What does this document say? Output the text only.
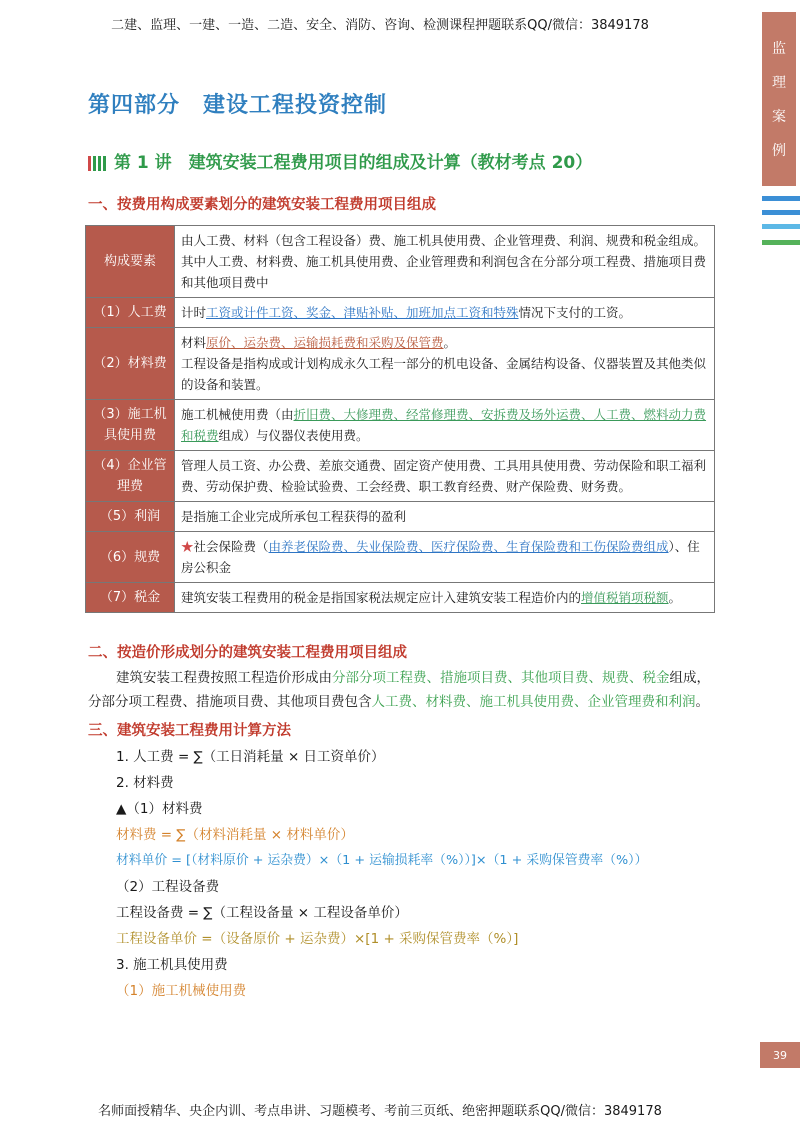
二建、监理、一建、一造、二造、安全、消防、咨询、检测课程押题联系QQ/微信：3849178
监
理
案
例
第四部分　建设工程投资控制
第 1 讲　建筑安装工程费用项目的组成及计算（教材考点 20）
一、按费用构成要素划分的建筑安装工程费用项目组成
构成要素	由人工费、材料（包含工程设备）费、施工机具使用费、企业管理费、利润、规费和税金组成。其中人工费、材料费、施工机具使用费、企业管理费和利润包含在分部分项工程费、措施项目费和其他项目费中
（1）人工费	计时工资或计件工资、奖金、津贴补贴、加班加点工资和特殊情况下支付的工资。
（2）材料费	材料原价、运杂费、运输损耗费和采购及保管费。
工程设备是指构成或计划构成永久工程一部分的机电设备、金属结构设备、仪器装置及其他类似的设备和装置。
（3）施工机具使用费	施工机械使用费（由折旧费、大修理费、经常修理费、安拆费及场外运费、人工费、燃料动力费和税费组成）与仪器仪表使用费。
（4）企业管理费	管理人员工资、办公费、差旅交通费、固定资产使用费、工具用具使用费、劳动保险和职工福利费、劳动保护费、检验试验费、工会经费、职工教育经费、财产保险费、财务费。
（5）利润	是指施工企业完成所承包工程获得的盈利
（6）规费	★社会保险费（由养老保险费、失业保险费、医疗保险费、生育保险费和工伤保险费组成）、住房公积金
（7）税金	建筑安装工程费用的税金是指国家税法规定应计入建筑安装工程造价内的增值税销项税额。
二、按造价形成划分的建筑安装工程费用项目组成
建筑安装工程费按照工程造价形成由分部分项工程费、措施项目费、其他项目费、规费、税金组成，
分部分项工程费、措施项目费、其他项目费包含人工费、材料费、施工机具使用费、企业管理费和利润。
三、建筑安装工程费用计算方法
1. 人工费 = ∑（工日消耗量 × 日工资单价）
2. 材料费
▲（1）材料费
材料费 = ∑（材料消耗量 × 材料单价）
材料单价 = [（材料原价 + 运杂费）×（1 + 运输损耗率（%））]×（1 + 采购保管费率（%））
（2）工程设备费
工程设备费 = ∑（工程设备量 × 工程设备单价）
工程设备单价 =（设备原价 + 运杂费）×[1 + 采购保管费率（%）]
3. 施工机具使用费
（1）施工机械使用费
39
名师面授精华、央企内训、考点串讲、习题模考、考前三页纸、绝密押题联系QQ/微信：3849178
